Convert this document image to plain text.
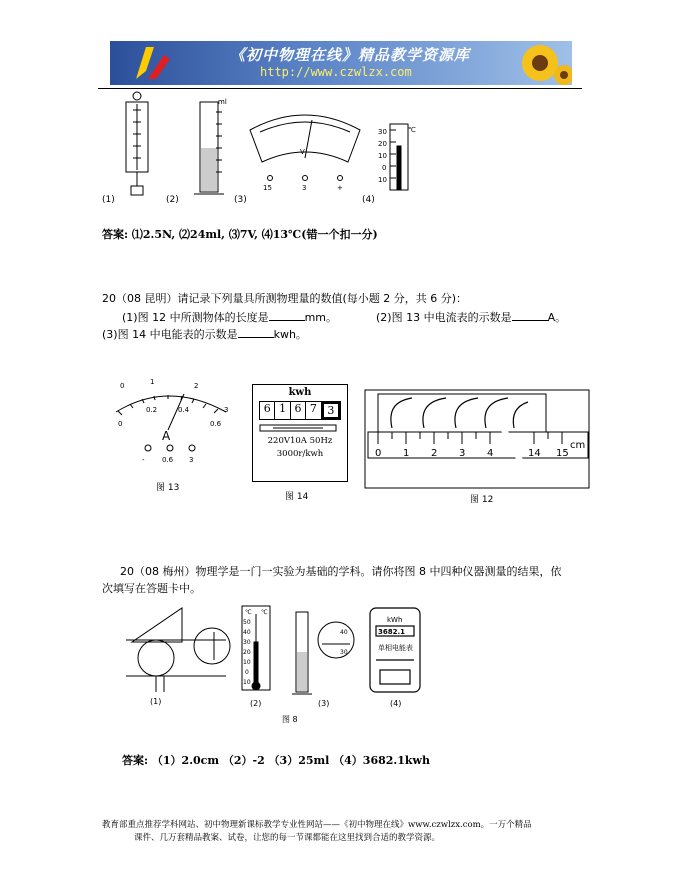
《初中物理在线》精品教学资源库
http://www.czwlzx.com
(1)
ml
(2)
V
15	3	+
(3)
℃
30
20
10
0
10
(4)
答案: ⑴2.5N, ⑵24ml, ⑶7V, ⑷13℃(错一个扣一分)
20（08 昆明）请记录下列量具所测物理量的数值(每小题 2 分，共 6 分)：
(1)图 12 中所测物体的长度是	mm。	(2)图 13 中电流表的示数是	A。
(3)图 14 中电能表的示数是	kwh。
0	1	2
3
0
0.2	0.4
0.6
A
- 0.6 3
图 13
kwh
6 1 6 7 3
220V10A 50Hz
3000r/kwh
图 14
0 1 2 3 4	14 15
cm
图 12
20（08 梅州）物理学是一门一实验为基础的学科。请你将图 8 中四种仪器测量的结果，依
次填写在答题卡中。
(1)
℃ ℃
50
40
30
20
10
0
10
(2)
40
30
(3)
kWh
3682.1
单相电能表
(4)
图 8
答案: （1）2.0cm （2）-2 （3）25ml （4）3682.1kwh
教育部重点推荐学科网站、初中物理新课标教学专业性网站——《初中物理在线》www.czwlzx.com。一万个精品
课件、几万套精品教案、试卷，让您的每一节课都能在这里找到合适的教学资源。
